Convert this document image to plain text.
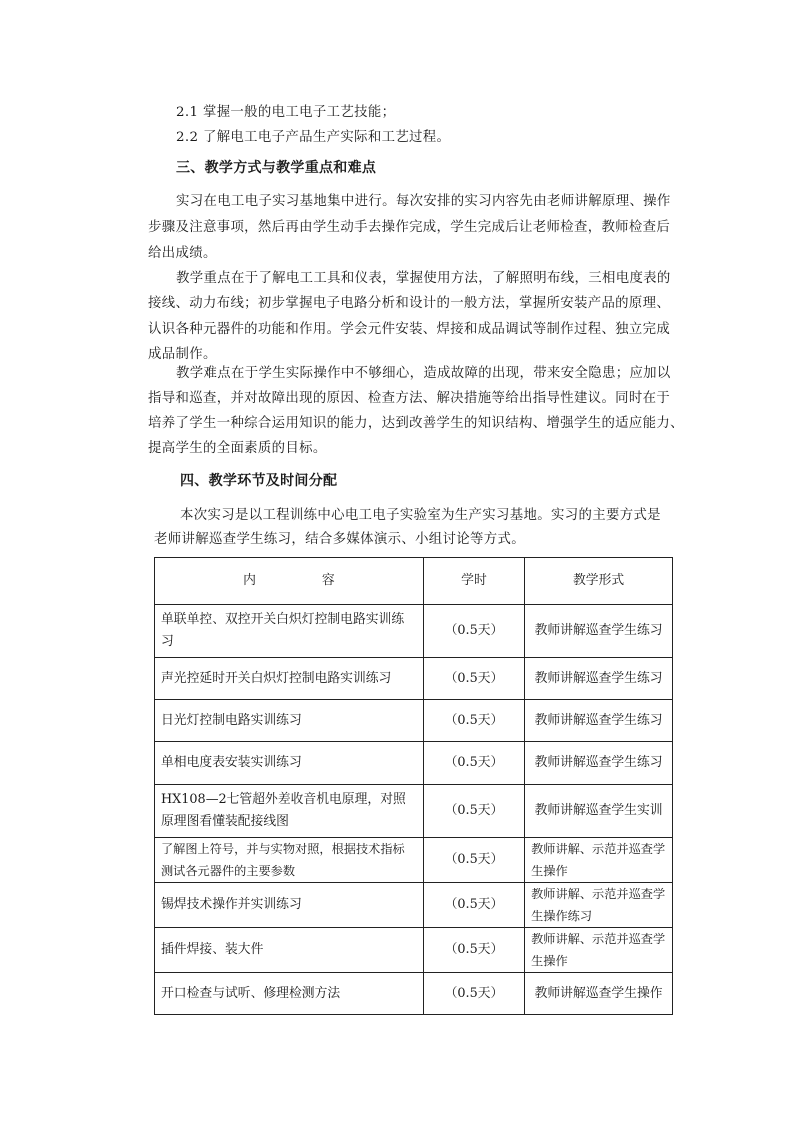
2.1 掌握一般的电工电子工艺技能；
2.2 了解电工电子产品生产实际和工艺过程。
三、教学方式与教学重点和难点
实习在电工电子实习基地集中进行。每次安排的实习内容先由老师讲解原理、操作
步骤及注意事项，然后再由学生动手去操作完成，学生完成后让老师检查，教师检查后
给出成绩。
教学重点在于了解电工工具和仪表，掌握使用方法，了解照明布线，三相电度表的
接线、动力布线；初步掌握电子电路分析和设计的一般方法，掌握所安装产品的原理、
认识各种元器件的功能和作用。学会元件安装、焊接和成品调试等制作过程、独立完成
成品制作。
教学难点在于学生实际操作中不够细心，造成故障的出现，带来安全隐患；应加以
指导和巡查，并对故障出现的原因、检查方法、解决措施等给出指导性建议。同时在于
培养了学生一种综合运用知识的能力，达到改善学生的知识结构、增强学生的适应能力、
提高学生的全面素质的目标。
四、教学环节及时间分配
本次实习是以工程训练中心电工电子实验室为生产实习基地。实习的主要方式是
老师讲解巡查学生练习，结合多媒体演示、小组讨论等方式。
内 容	学时	教学形式
单联单控、双控开关白炽灯控制电路实训练习	（0.5天）	教师讲解巡查学生练习
声光控延时开关白炽灯控制电路实训练习	（0.5天）	教师讲解巡查学生练习
日光灯控制电路实训练习	（0.5天）	教师讲解巡查学生练习
单相电度表安装实训练习	（0.5天）	教师讲解巡查学生练习
HX108—2七管超外差收音机电原理，对照原理图看懂装配接线图	（0.5天）	教师讲解巡查学生实训
了解图上符号，并与实物对照，根据技术指标测试各元器件的主要参数	（0.5天）	教师讲解、示范并巡查学生操作
锡焊技术操作并实训练习	（0.5天）	教师讲解、示范并巡查学生操作练习
插件焊接、装大件	（0.5天）	教师讲解、示范并巡查学生操作
开口检查与试听、修理检测方法	（0.5天）	教师讲解巡查学生操作
